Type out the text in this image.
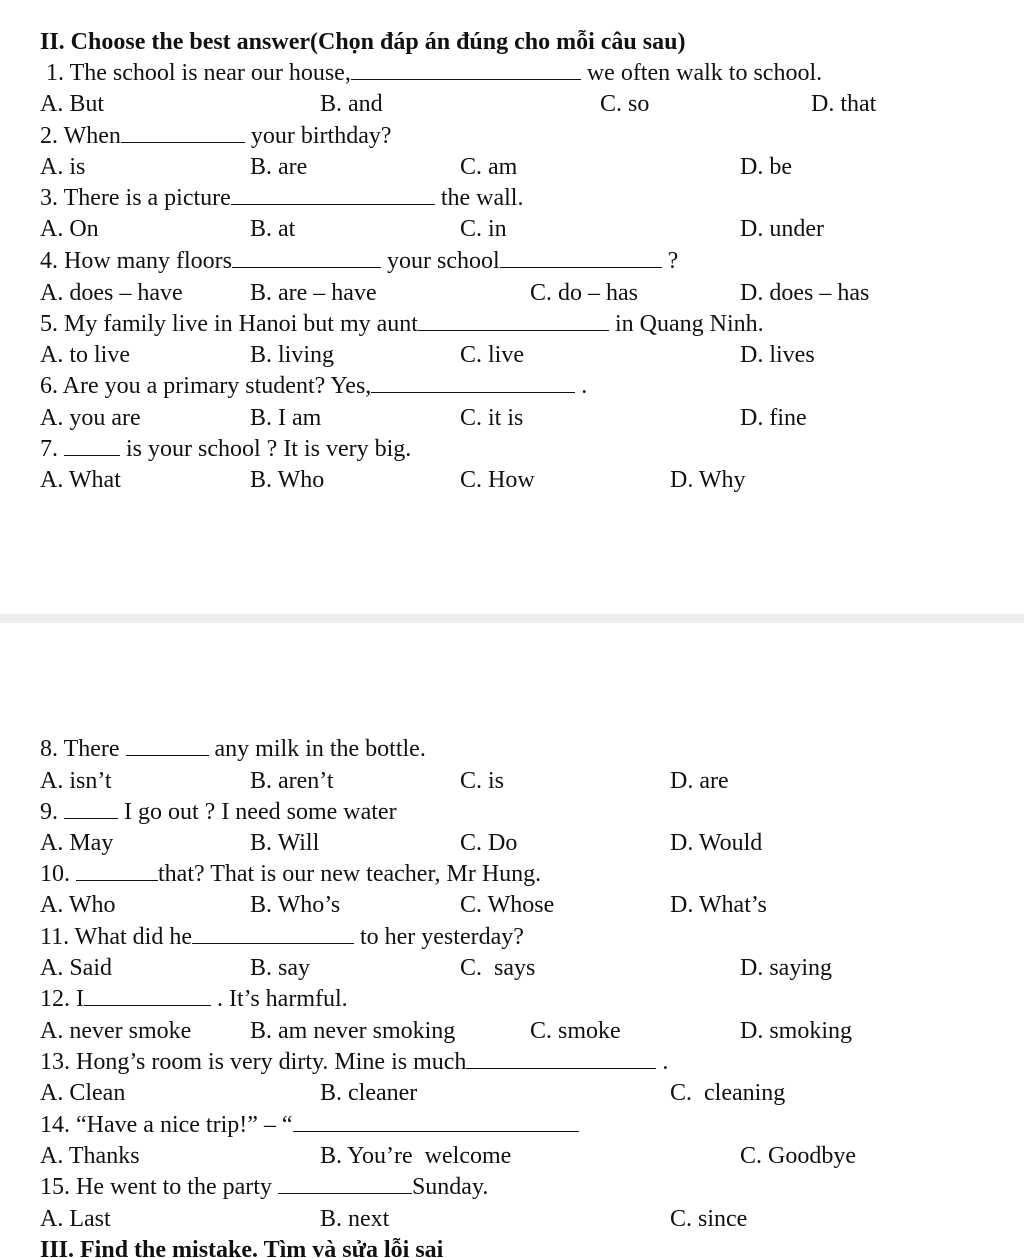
II. Choose the best answer(Chọn đáp án đúng cho mỗi câu sau)
1. The school is near our house,	we often walk to school.
A. But	B. and	C. so	D. that
2. When	your birthday?
A. is	B. are	C. am	D. be
3. There is a picture	the wall.
A. On	B. at	C. in	D. under
4. How many floors	your school	?
A. does – have	B. are – have	C. do – has	D. does – has
5. My family live in Hanoi but my aunt	in Quang Ninh.
A. to live	B. living	C. live	D. lives
6. Are you a primary student? Yes,	.
A. you are	B. I am	C. it is	D. fine
7.  is your school ? It is very big.
A. What	B. Who	C. How	D. Why
8. There	any milk in the bottle.
A. isn’t	B. aren’t	C. is	D. are
9.  I go out ? I need some water
A. May	B. Will	C. Do	D. Would
10.	that? That is our new teacher, Mr Hung.
A. Who	B. Who’s	C. Whose	D. What’s
11. What did he	to her yesterday?
A. Said	B. say	C.  says	D. saying
12. I	. It’s harmful.
A. never smoke B. am never smoking	C. smoke	D. smoking
13. Hong’s room is very dirty. Mine is much	.
A. Clean	B. cleaner	C.  cleaning
14. “Have a nice trip!” – “
A. Thanks	B. You’re  welcome	C. Goodbye
15. He went to the party	Sunday.
A. Last	B. next	C. since
III. Find the mistake. Tìm và sửa lỗi sai
